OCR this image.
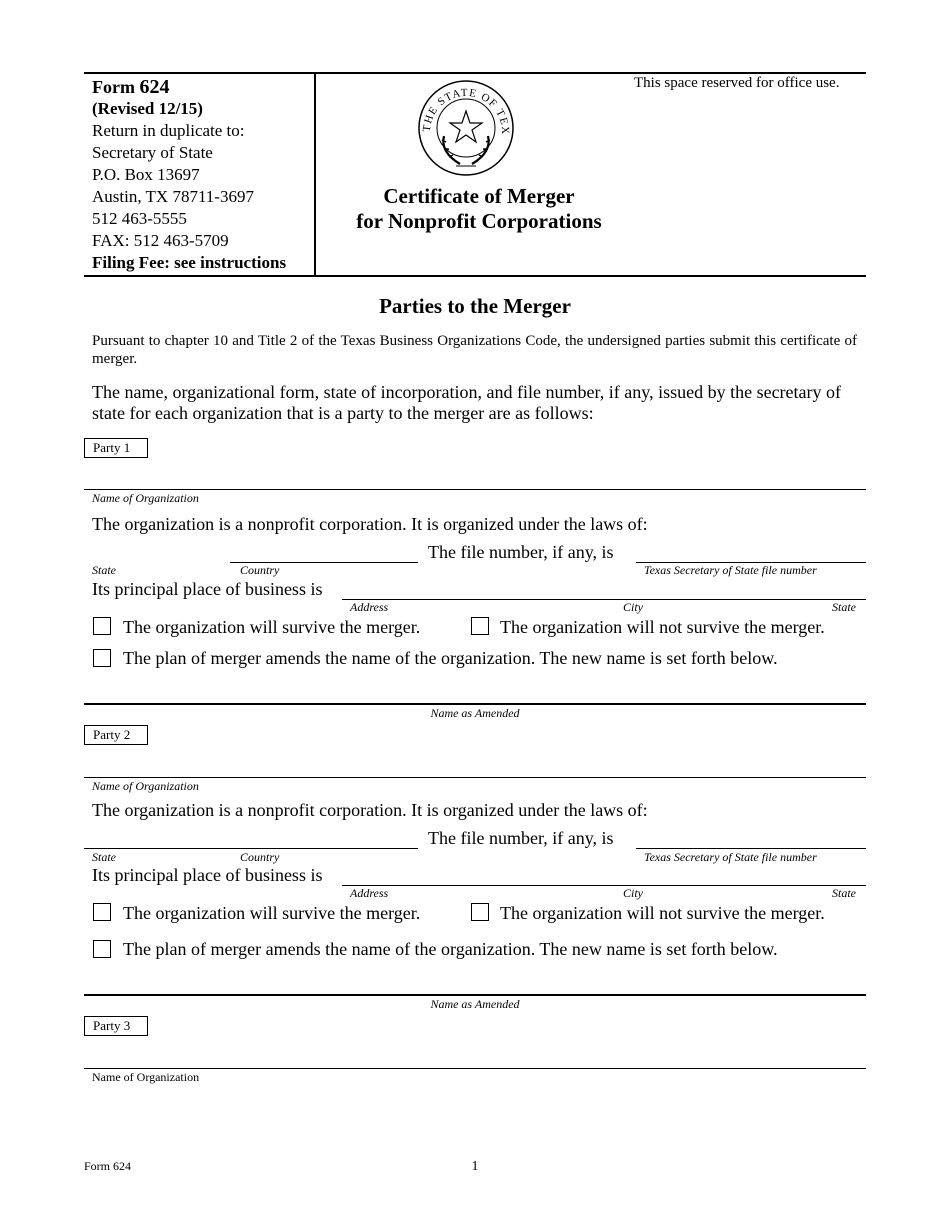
Form 624
(Revised 12/15)
Return in duplicate to:
Secretary of State
P.O. Box 13697
Austin, TX 78711-3697
512 463-5555
FAX: 512 463-5709
Filing Fee: see instructions
THE STATE OF TEX
Certificate of Merger
for Nonprofit Corporations
This space reserved for office use.
Parties to the Merger
Pursuant to chapter 10 and Title 2 of the Texas Business Organizations Code, the undersigned parties submit this certificate of merger.
The name, organizational form, state of incorporation, and file number, if any, issued by the secretary of state for each organization that is a party to the merger are as follows:
Party 1
Name of Organization
The organization is a nonprofit corporation. It is organized under the laws of:
State	Country
The file number, if any, is
Texas Secretary of State file number
Its principal place of business is
Address	City	State
The organization will survive the merger.	The organization will not survive the merger.
The plan of merger amends the name of the organization. The new name is set forth below.
Name as Amended
Party 2
Name of Organization
The organization is a nonprofit corporation. It is organized under the laws of:
State	Country
The file number, if any, is
Texas Secretary of State file number
Its principal place of business is
Address	City	State
The organization will survive the merger.	The organization will not survive the merger.
The plan of merger amends the name of the organization. The new name is set forth below.
Name as Amended
Party 3
Name of Organization
Form 624	1
